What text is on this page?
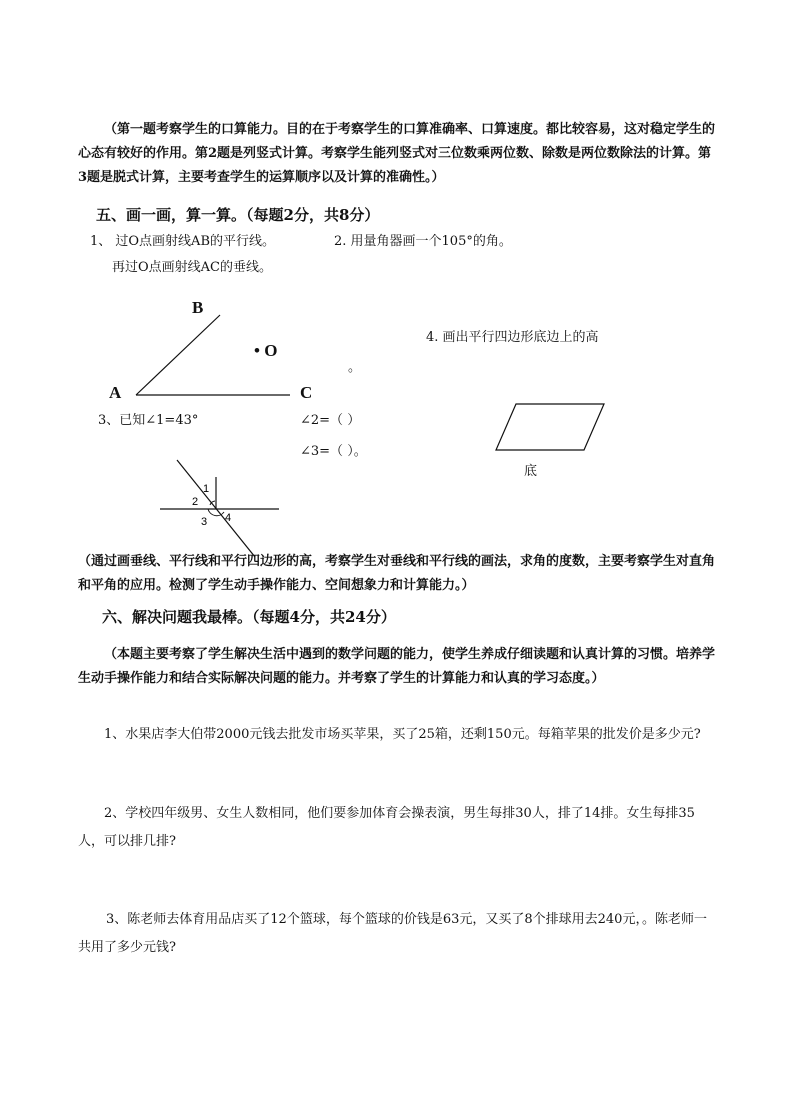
（第一题考察学生的口算能力。目的在于考察学生的口算准确率、口算速度。都比较容易，这对稳定学生的心态有较好的作用。第2题是列竖式计算。考察学生能列竖式对三位数乘两位数、除数是两位数除法的计算。第3题是脱式计算，主要考查学生的运算顺序以及计算的准确性。）
五、画一画，算一算。（每题2分，共8分）
1、 过O点画射线AB的平行线。
再过O点画射线AC的垂线。
2. 用量角器画一个105°的角。
4. 画出平行四边形底边上的高
。
B
• O
A	C
底
3、已知∠1=43°	∠2=（ ）
∠3=（ ）。
1
2
3 4
（通过画垂线、平行线和平行四边形的高，考察学生对垂线和平行线的画法，求角的度数，主要考察学生对直角和平角的应用。检测了学生动手操作能力、空间想象力和计算能力。）
六、解决问题我最棒。（每题4分，共24分）
（本题主要考察了学生解决生活中遇到的数学问题的能力，使学生养成仔细读题和认真计算的习惯。培养学生动手操作能力和结合实际解决问题的能力。并考察了学生的计算能力和认真的学习态度。）
1、水果店李大伯带2000元钱去批发市场买苹果，买了25箱，还剩150元。每箱苹果的批发价是多少元?
2、学校四年级男、女生人数相同，他们要参加体育会操表演，男生每排30人，排了14排。女生每排35人，可以排几排?
3、陈老师去体育用品店买了12个篮球，每个篮球的价钱是63元，又买了8个排球用去240元，。陈老师一共用了多少元钱?
